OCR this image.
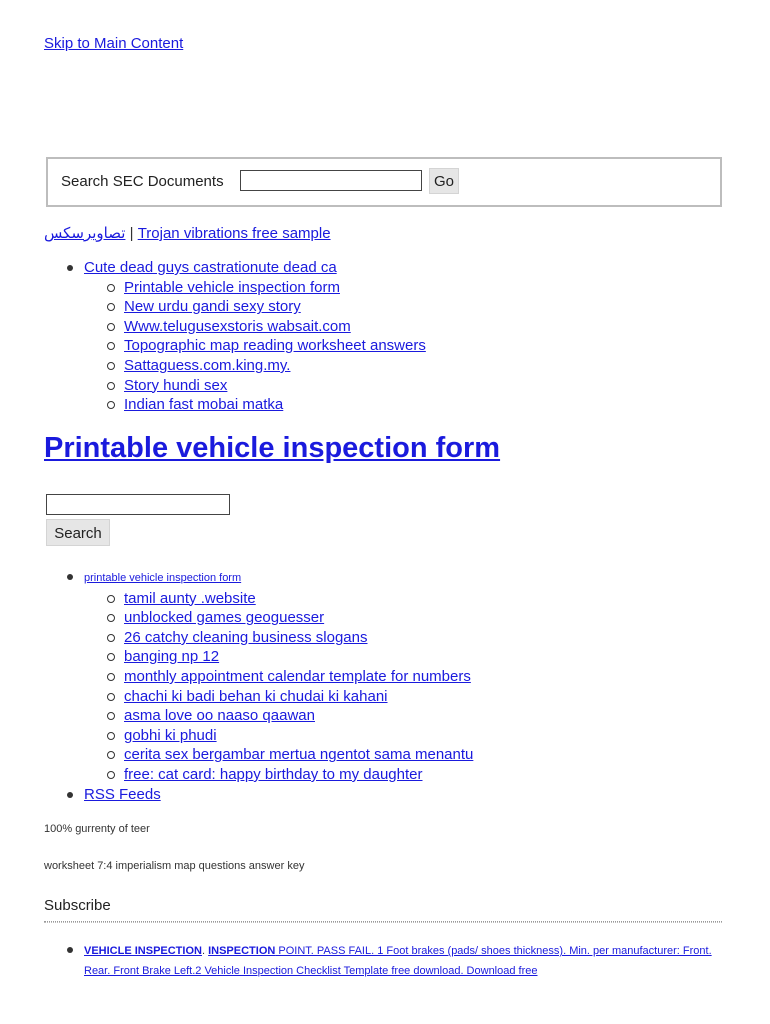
Skip to Main Content
Search SEC Documents	Go
تصاویرسکس | Trojan vibrations free sample
Cute dead guys castrationute dead ca
Printable vehicle inspection form
New urdu gandi sexy story
Www.telugusexstoris wabsait.com
Topographic map reading worksheet answers
Sattaguess.com.king.my.
Story hundi sex
Indian fast mobai matka
Printable vehicle inspection form
Search
printable vehicle inspection form
tamil aunty .website
unblocked games geoguesser
26 catchy cleaning business slogans
banging np 12
monthly appointment calendar template for numbers
chachi ki badi behan ki chudai ki kahani
asma love oo naaso qaawan
gobhi ki phudi
cerita sex bergambar mertua ngentot sama menantu
free: cat card: happy birthday to my daughter
RSS Feeds
100% gurrenty of teer
worksheet 7:4 imperialism map questions answer key
Subscribe
VEHICLE INSPECTION. INSPECTION POINT. PASS FAIL. 1 Foot brakes (pads/ shoes thickness). Min. per manufacturer: Front. Rear. Front Brake Left.2 Vehicle Inspection Checklist Template free download. Download free
